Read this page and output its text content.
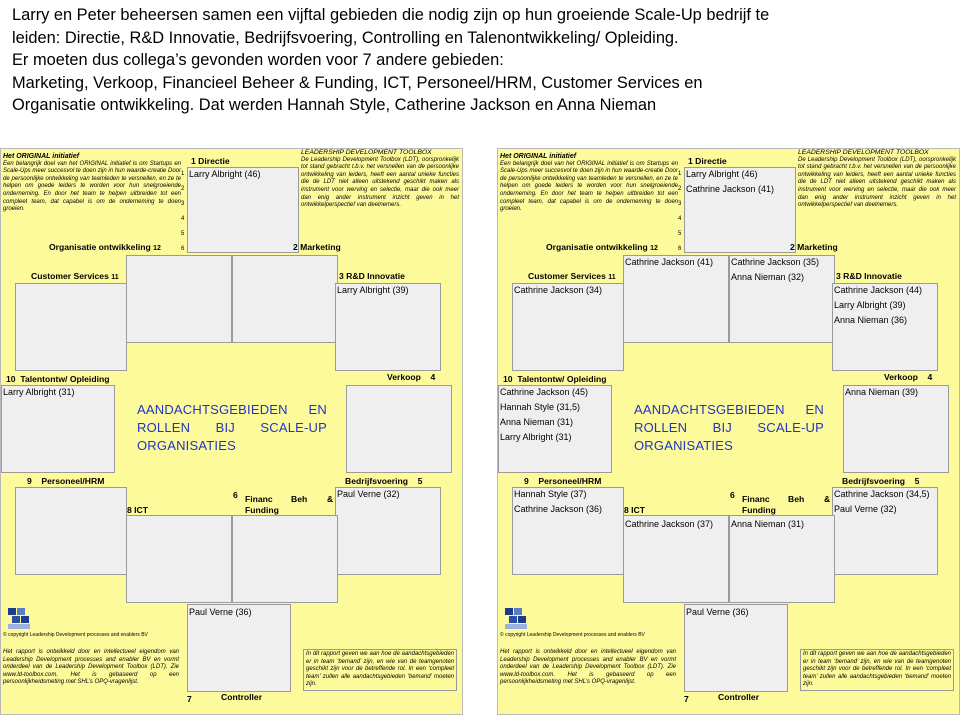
Larry en Peter beheersen samen een vijftal gebieden die nodig zijn op hun groeiende Scale-Up bedrijf te

leiden: Directie, R&D Innovatie, Bedrijfsvoering, Controlling en Talenontwikkeling/ Opleiding.

Er moeten dus collega’s gevonden worden voor 7 andere gebieden:

Marketing, Verkoop, Financieel Beheer & Funding, ICT, Personeel/HRM, Customer Services en

Organisatie ontwikkeling. Dat werden Hannah Style, Catherine Jackson en Anna Nieman

Het ORIGINAL initiatief
Een belangrijk doel van het ORIGINAL initiatief is om Startups en Scale-Ups meer succesvol te doen zijn in hun waarde-creatie Door de persoonlijke ontwikkeling van teamleden te versnellen, en ze te helpen om goede leiders te worden voor hun snelgroeiende onderneming. En door het team te helpen uitbreiden tot een compleet team, dat capabel is om de onderneming te doen groeien.
LEADERSHIP DEVELOPMENT TOOLBOX
De Leadership Development Toolbox (LDT), oorspronkelijk tot stand gebracht t.b.v. het versnellen van de persoonlijke ontwikkeling van leiders, heeft een aantal unieke functies die de LDT niet alleen uitstekend geschikt maken als instrument voor werving en selectie, maar die ook meer dan enig ander instrument inzicht geven in het ontwikkelperspectief van deelnemers.
1 Directie
1
2
3
4
5
6
Larry Albright (46)
Organisatie ontwikkeling 12	2 Marketing
Customer Services 11	3 R&D Innovatie
Larry Albright (39)
10 Talentontw/ Opleiding	Verkoop 4
Larry Albright (31)
AANDACHTSGEBIEDEN EN ROLLEN BIJ SCALE-UP ORGANISATIES
9 Personeel/HRM	Bedrijfsvoering 5
Paul Verne (32)
8 ICT
6 Financ Beh &
Funding
Paul Verne (36)
7	Controller
© copyright Leadership Development processes and enablers BV
Het rapport is ontwikkeld door en intellectueel eigendom van Leadership Development processes and enabler BV en vormt onderdeel van de Leadership Development Toolbox (LDT). Zie www.ld-toolbox.com. Het is gebaseerd op een persoonlijkheidsmeting met SHL’s OPQ-vragenlijst.
In dit rapport geven we aan hoe de aandachtsgebieden er in team ‘bemand’ zijn, en wie van de teamgenoten geschikt zijn voor de betreffende rol. In een ‘compleet team’ zullen alle aandachtsgebieden ‘bemand’ moeten zijn.
Het ORIGINAL initiatief
Een belangrijk doel van het ORIGINAL initiatief is om Startups en Scale-Ups meer succesvol te doen zijn in hun waarde-creatie Door de persoonlijke ontwikkeling van teamleden te versnellen, en ze te helpen om goede leiders te worden voor hun snelgroeiende onderneming. En door het team te helpen uitbreiden tot een compleet team, dat capabel is om de onderneming te doen groeien.
LEADERSHIP DEVELOPMENT TOOLBOX
De Leadership Development Toolbox (LDT), oorspronkelijk tot stand gebracht t.b.v. het versnellen van de persoonlijke ontwikkeling van leiders, heeft een aantal unieke functies die de LDT niet alleen uitstekend geschikt maken als instrument voor werving en selectie, maar die ook meer dan enig ander instrument inzicht geven in het ontwikkelperspectief van deelnemers.
1 Directie
1
2
3
4
5
6
Larry Albright (46)
Cathrine Jackson (41)
Organisatie ontwikkeling 12	2 Marketing
Cathrine Jackson (41) Cathrine Jackson (35)
Anna Nieman (32)
Customer Services 11	3 R&D Innovatie
Cathrine Jackson (34)	Cathrine Jackson (44)
Larry Albright (39)
Anna Nieman (36)
10 Talentontw/ Opleiding	Verkoop 4
Cathrine Jackson (45)
Hannah Style (31,5)
Anna Nieman (31)
Larry Albright (31)
Anna Nieman (39)
AANDACHTSGEBIEDEN EN ROLLEN BIJ SCALE-UP ORGANISATIES
9 Personeel/HRM	Bedrijfsvoering 5
Hannah Style (37)
Cathrine Jackson (36)
Cathrine Jackson (34,5)
Paul Verne (32)
8 ICT
6 Financ Beh &
Funding
Cathrine Jackson (37) Anna Nieman (31)
Paul Verne (36)
7	Controller
© copyright Leadership Development processes and enablers BV
Het rapport is ontwikkeld door en intellectueel eigendom van Leadership Development processes and enabler BV en vormt onderdeel van de Leadership Development Toolbox (LDT). Zie www.ld-toolbox.com. Het is gebaseerd op een persoonlijkheidsmeting met SHL’s OPQ-vragenlijst.
In dit rapport geven we aan hoe de aandachtsgebieden er in team ‘bemand’ zijn, en wie van de teamgenoten geschikt zijn voor de betreffende rol. In een ‘compleet team’ zullen alle aandachtsgebieden ‘bemand’ moeten zijn.
